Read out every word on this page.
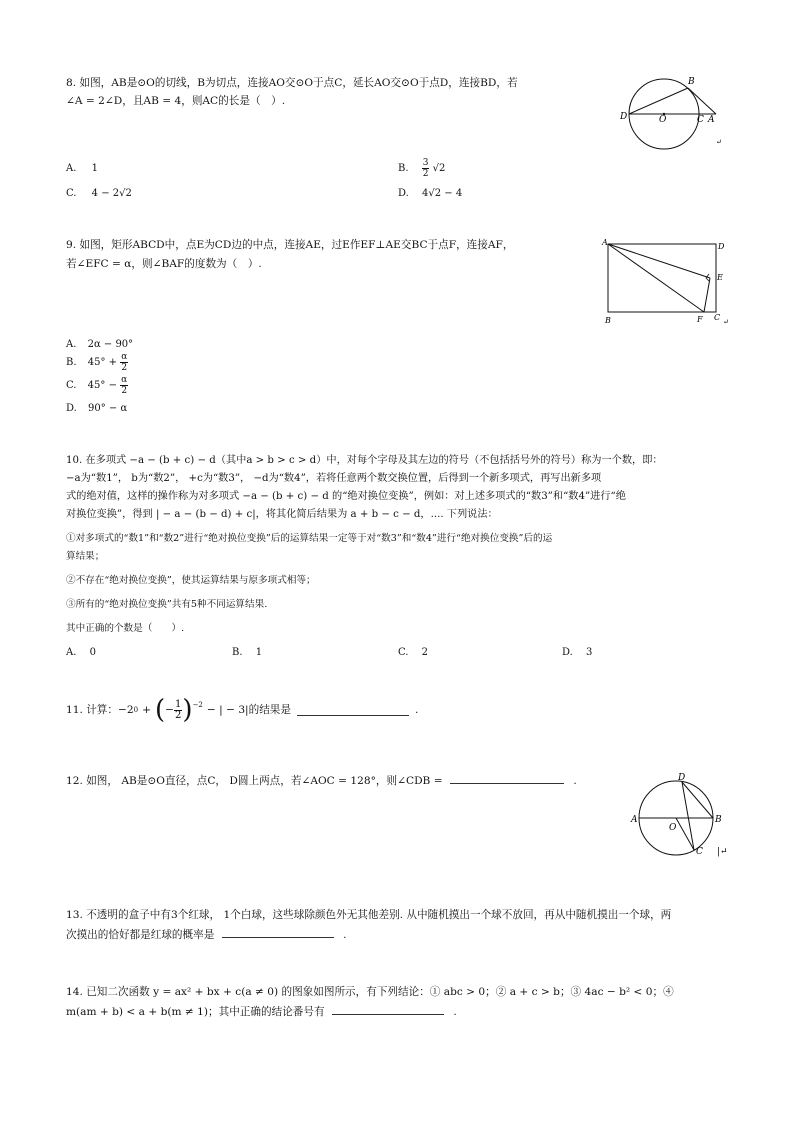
8. 如图，AB是⊙O的切线，B为切点，连接AO交⊙O于点C，延长AO交⊙O于点D，连接BD，若
∠A = 2∠D，且AB = 4，则AC的长是（　）.
B
D	O	C A
↵
A. 1	B. $\frac{3}{2} √2$
C. 4 − 2√2	D. 4√2 − 4
9. 如图，矩形ABCD中，点E为CD边的中点，连接AE，过E作EF⊥AE交BC于点F，连接AF，
若∠EFC = α，则∠BAF的度数为（　）.
A	D
E
B	F C ↵
A. 2α − 90°
B. $45^\circ + \frac{\alpha}{2}$
C. $45^\circ - \frac{\alpha}{2}$
D. 90° − α
10. 在多项式 −a − (b + c) − d（其中a > b > c > d）中，对每个字母及其左边的符号（不包括括号外的符号）称为一个数，即：
−a为“数1”， b为“数2”， +c为“数3”， −d为“数4”，若将任意两个数交换位置，后得到一个新多项式，再写出新多项
式的绝对值，这样的操作称为对多项式 −a − (b + c) − d 的“绝对换位变换”，例如：对上述多项式的“数3”和“数4”进行“绝
对换位变换”，得到 | − a − (b − d) + c|，将其化简后结果为 a + b − c − d，.... 下列说法：
①对多项式的“数1”和“数2”进行“绝对换位变换”后的运算结果一定等于对“数3”和“数4”进行“绝对换位变换”后的运
算结果；
②不存在“绝对换位变换”，使其运算结果与原多项式相等；
③所有的“绝对换位变换”共有5种不同运算结果.
其中正确的个数是（　　）.
A. 0	B. 1	C. 2	D. 3
11. 计算：−2 0 + ( − $\frac{1}{2} )^{-2}$ − | − 3|的结果是	.
12. 如图， AB是⊙O直径，点C， D圆上两点，若∠AOC = 128°，则∠CDB =	.	D
A
O
B
C |↵
13. 不透明的盒子中有3个红球， 1个白球，这些球除颜色外无其他差别. 从中随机摸出一个球不放回，再从中随机摸出一个球，两
次摸出的恰好都是红球的概率是	.
14. 已知二次函数 y = ax² + bx + c(a ≠ 0) 的图象如图所示，有下列结论：① abc > 0；② a + c > b；③ 4ac − b² < 0；④
m(am + b) < a + b(m ≠ 1)；其中正确的结论番号有	.
